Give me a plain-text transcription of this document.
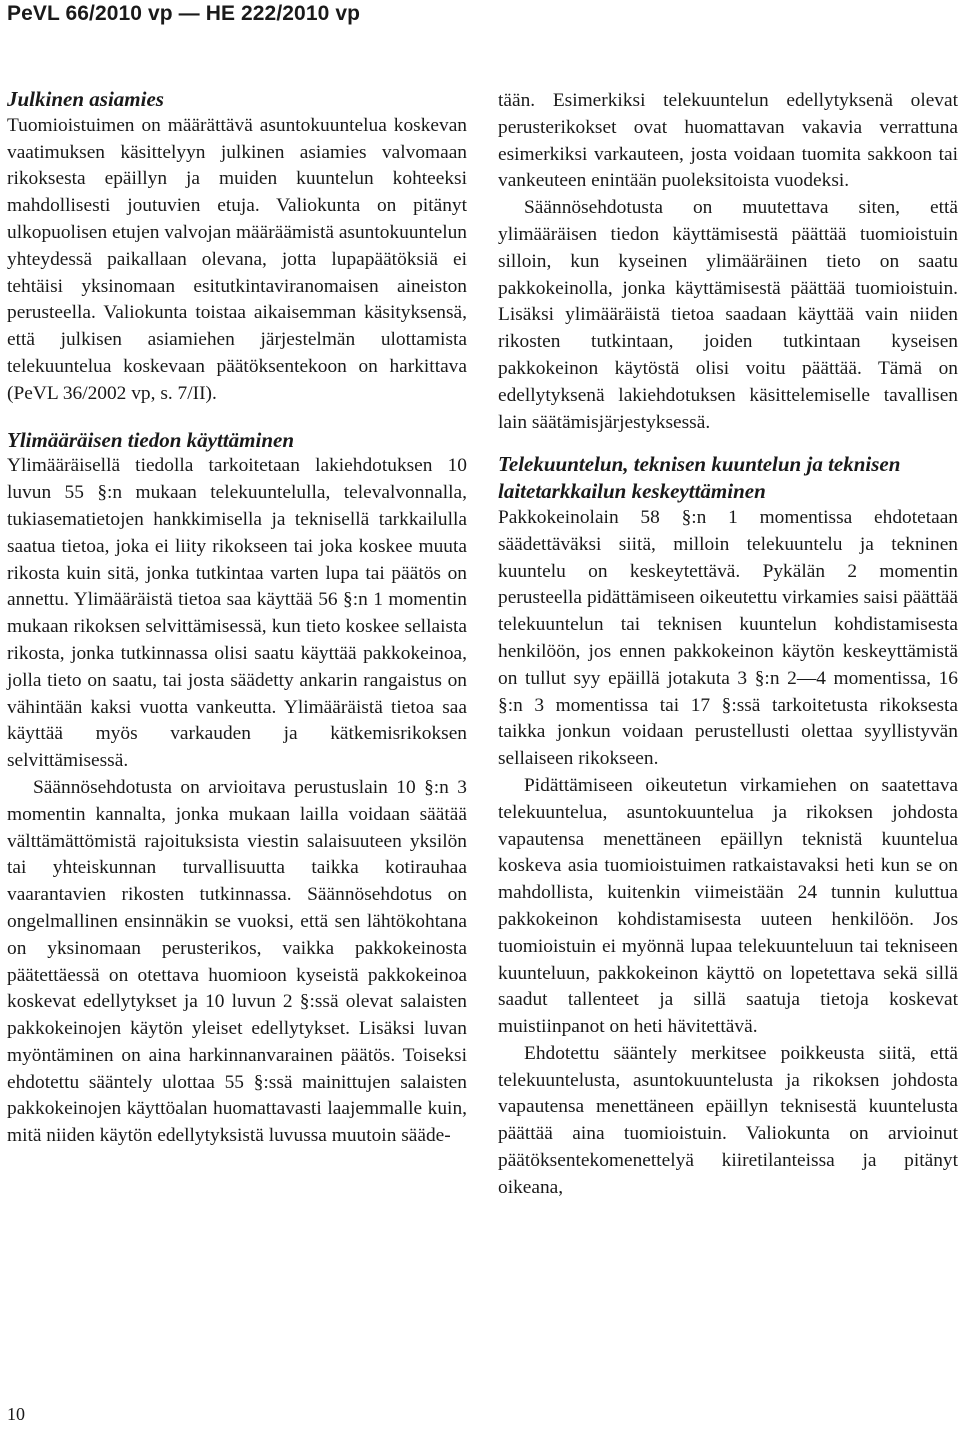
PeVL 66/2010 vp — HE 222/2010 vp
Julkinen asiamies

Tuomioistuimen on määrättävä asuntokuuntelua koskevan vaatimuksen käsittelyyn julkinen asiamies valvomaan rikoksesta epäillyn ja muiden kuuntelun kohteeksi mahdollisesti joutuvien etuja. Valiokunta on pitänyt ulkopuolisen etujen valvojan määräämistä asuntokuuntelun yhteydessä paikallaan olevana, jotta lupapäätöksiä ei tehtäisi yksinomaan esitutkintaviranomaisen aineiston perusteella. Valiokunta toistaa aikaisemman käsityksensä, että julkisen asiamiehen järjestelmän ulottamista telekuuntelua koskevaan päätöksentekoon on harkittava (PeVL 36/2002 vp, s. 7/II).

Ylimääräisen tiedon käyttäminen

Ylimääräisellä tiedolla tarkoitetaan lakiehdotuksen 10 luvun 55 §:n mukaan telekuuntelulla, televalvonnalla, tukiasematietojen hankkimisella ja teknisellä tarkkailulla saatua tietoa, joka ei liity rikokseen tai joka koskee muuta rikosta kuin sitä, jonka tutkintaa varten lupa tai päätös on annettu. Ylimääräistä tietoa saa käyttää 56 §:n 1 momentin mukaan rikoksen selvittämisessä, kun tieto koskee sellaista rikosta, jonka tutkinnassa olisi saatu käyttää pakkokeinoa, jolla tieto on saatu, tai josta säädetty ankarin rangaistus on vähintään kaksi vuotta vankeutta. Ylimääräistä tietoa saa käyttää myös varkauden ja kätkemisrikoksen selvittämisessä.

Säännösehdotusta on arvioitava perustuslain 10 §:n 3 momentin kannalta, jonka mukaan lailla voidaan säätää välttämättömistä rajoituksista viestin salaisuuteen yksilön tai yhteiskunnan turvallisuutta taikka kotirauhaa vaarantavien rikosten tutkinnassa. Säännösehdotus on ongelmallinen ensinnäkin se vuoksi, että sen lähtökohtana on yksinomaan perusterikos, vaikka pakkokeinosta päätettäessä on otettava huomioon kyseistä pakkokeinoa koskevat edellytykset ja 10 luvun 2 §:ssä olevat salaisten pakkokeinojen käytön yleiset edellytykset. Lisäksi luvan myöntäminen on aina harkinnanvarainen päätös. Toiseksi ehdotettu sääntely ulottaa 55 §:ssä mainittujen salaisten pakkokeinojen käyttöalan huomattavasti laajemmalle kuin, mitä niiden käytön edellytyksistä luvussa muutoin sääde-

tään. Esimerkiksi telekuuntelun edellytyksenä olevat perusterikokset ovat huomattavan vakavia verrattuna esimerkiksi varkauteen, josta voidaan tuomita sakkoon tai vankeuteen enintään puoleksitoista vuodeksi.

Säännösehdotusta on muutettava siten, että ylimääräisen tiedon käyttämisestä päättää tuomioistuin silloin, kun kyseinen ylimääräinen tieto on saatu pakkokeinolla, jonka käyttämisestä päättää tuomioistuin. Lisäksi ylimääräistä tietoa saadaan käyttää vain niiden rikosten tutkintaan, joiden tutkintaan kyseisen pakkokeinon käytöstä olisi voitu päättää. Tämä on edellytyksenä lakiehdotuksen käsittelemiselle tavallisen lain säätämisjärjestyksessä.

Telekuuntelun, teknisen kuuntelun ja teknisen laitetarkkailun keskeyttäminen

Pakkokeinolain 58 §:n 1 momentissa ehdotetaan säädettäväksi siitä, milloin telekuuntelu ja tekninen kuuntelu on keskeytettävä. Pykälän 2 momentin perusteella pidättämiseen oikeutettu virkamies saisi päättää telekuuntelun tai teknisen kuuntelun kohdistamisesta henkilöön, jos ennen pakkokeinon käytön keskeyttämistä on tullut syy epäillä jotakuta 3 §:n 2—4 momentissa, 16 §:n 3 momentissa tai 17 §:ssä tarkoitetusta rikoksesta taikka jonkun voidaan perustellusti olettaa syyllistyvän sellaiseen rikokseen.

Pidättämiseen oikeutetun virkamiehen on saatettava telekuuntelua, asuntokuuntelua ja rikoksen johdosta vapautensa menettäneen epäillyn teknistä kuuntelua koskeva asia tuomioistuimen ratkaistavaksi heti kun se on mahdollista, kuitenkin viimeistään 24 tunnin kuluttua pakkokeinon kohdistamisesta uuteen henkilöön. Jos tuomioistuin ei myönnä lupaa telekuunteluun tai tekniseen kuunteluun, pakkokeinon käyttö on lopetettava sekä sillä saadut tallenteet ja sillä saatuja tietoja koskevat muistiinpanot on heti hävitettävä.

Ehdotettu sääntely merkitsee poikkeusta siitä, että telekuuntelusta, asuntokuuntelusta ja rikoksen johdosta vapautensa menettäneen epäillyn teknisestä kuuntelusta päättää aina tuomioistuin. Valiokunta on arvioinut päätöksentekomenettelyä kiiretilanteissa ja pitänyt oikeana,

10
